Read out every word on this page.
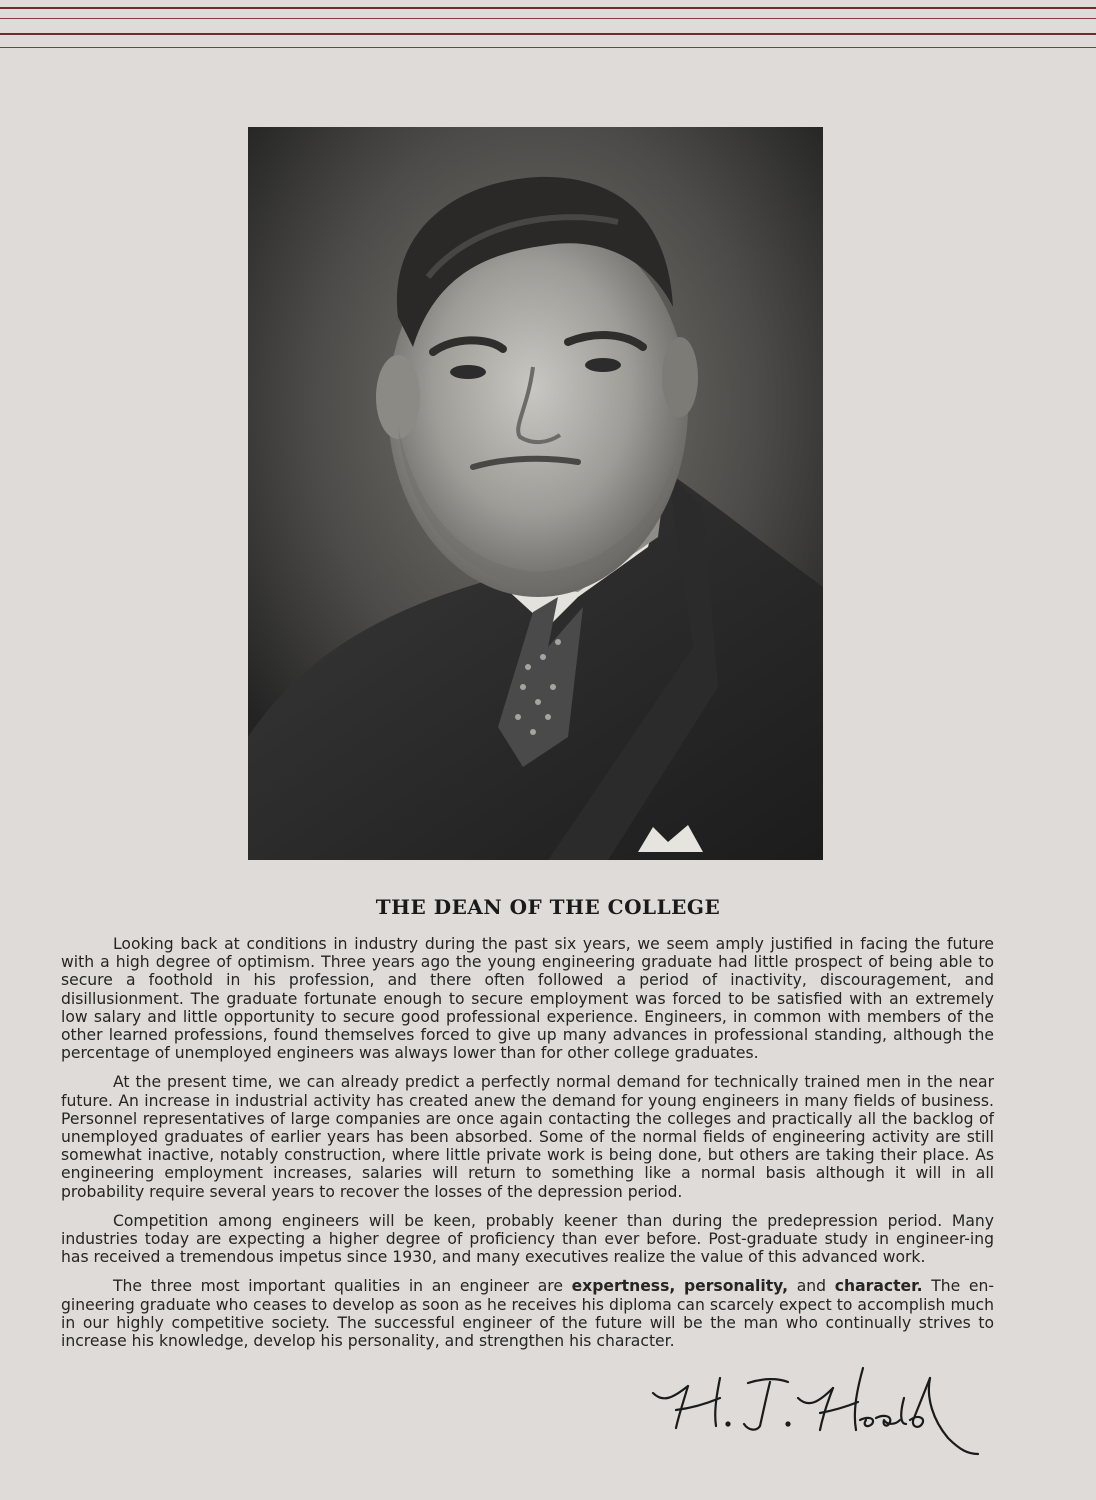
THE DEAN OF THE COLLEGE

Looking back at conditions in industry during the past six years, we seem amply justified in facing the future with a high degree of optimism. Three years ago the young engineering graduate had little prospect of being able to secure a foothold in his profession, and there often followed a period of inactivity, discouragement, and disillusionment. The graduate fortunate enough to secure employment was forced to be satisfied with an extremely low salary and little opportunity to secure good professional experience. Engineers, in common with members of the other learned professions, found themselves forced to give up many advances in professional standing, although the percentage of unemployed engineers was always lower than for other college graduates.

At the present time, we can already predict a perfectly normal demand for technically trained men in the near future. An increase in industrial activity has created anew the demand for young engineers in many fields of business. Personnel representatives of large companies are once again contacting the colleges and practically all the backlog of unemployed graduates of earlier years has been absorbed. Some of the normal fields of engineering activity are still somewhat inactive, notably construction, where little private work is being done, but others are taking their place. As engineering employment increases, salaries will return to something like a normal basis although it will in all probability require several years to recover the losses of the depression period.

Competition among engineers will be keen, probably keener than during the predepression period. Many industries today are expecting a higher degree of proficiency than ever before. Post-graduate study in engineer-ing has received a tremendous impetus since 1930, and many executives realize the value of this advanced work.

The three most important qualities in an engineer are expertness, personality, and character. The en-gineering graduate who ceases to develop as soon as he receives his diploma can scarcely expect to accomplish much in our highly competitive society. The successful engineer of the future will be the man who continually strives to increase his knowledge, develop his personality, and strengthen his character.
